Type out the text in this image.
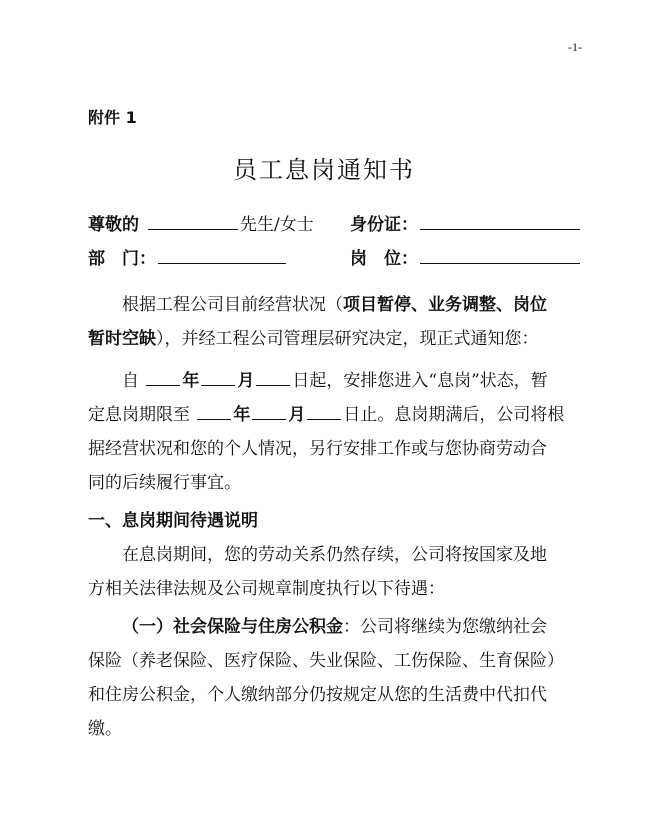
-1-
附件 1
员工息岗通知书
尊敬的	先生/女士 身份证：
部　门：	岗　位：
根据工程公司目前经营状况（项目暂停、业务调整、岗位
暂时空缺），并经工程公司管理层研究决定，现正式通知您：
自	年 月 日起，安排您进入“息岗”状态，暂
定息岗期限至	年 月 日止。息岗期满后，公司将根
据经营状况和您的个人情况，另行安排工作或与您协商劳动合
同的后续履行事宜。
一、息岗期间待遇说明
在息岗期间，您的劳动关系仍然存续，公司将按国家及地
方相关法律法规及公司规章制度执行以下待遇：
（一）社会保险与住房公积金：公司将继续为您缴纳社会
保险（养老保险、医疗保险、失业保险、工伤保险、生育保险）
和住房公积金，个人缴纳部分仍按规定从您的生活费中代扣代
缴。
